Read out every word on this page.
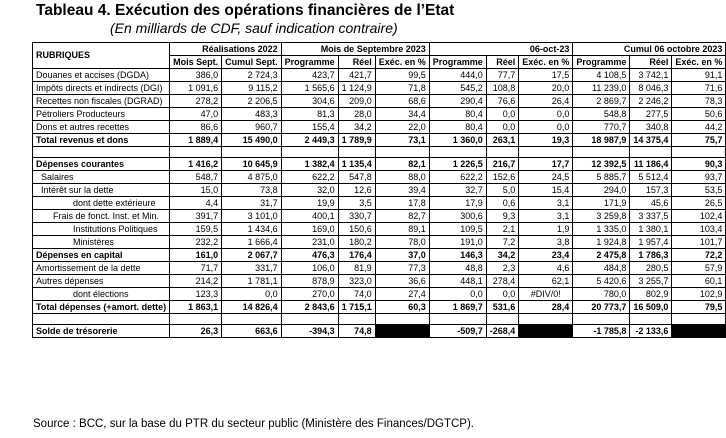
Tableau 4. Exécution des opérations financières de l’Etat
(En milliards de CDF, sauf indication contraire)
RUBRIQUES	Réalisations 2022		Mois de Septembre 2023			06-oct-23			Cumul 06 octobre 2023		
	Mois Sept.	Cumul Sept.	Programme	Réel	Exéc. en %	Programme	Réel	Exéc. en %	Programme	Réel	Exéc. en %
Douanes et accises (DGDA)	386,0	2 724,3	423,7	421,7	99,5	444,0	77,7	17,5	4 108,5	3 742,1	91,1
Impôts directs et indirects (DGI)	1 091,6	9 115,2	1 565,6	1 124,9	71,8	545,2	108,8	20,0	11 239,0	8 046,3	71,6
Recettes non fiscales (DGRAD)	278,2	2 206,5	304,6	209,0	68,6	290,4	76,6	26,4	2 869,7	2 246,2	78,3
Pétroliers Producteurs	47,0	483,3	81,3	28,0	34,4	80,4	0,0	0,0	548,8	277,5	50,6
Dons et autres recettes	86,6	960,7	155,4	34,2	22,0	80,4	0,0	0,0	770,7	340,8	44,2
Total revenus et dons	1 889,4	15 490,0	2 449,3	1 789,9	73,1	1 360,0	263,1	19,3	18 987,9	14 375,4	75,7

Dépenses courantes	1 416,2	10 645,9	1 382,4	1 135,4	82,1	1 226,5	216,7	17,7	12 392,5	11 186,4	90,3
Salaires	548,7	4 875,0	622,2	547,8	88,0	622,2	152,6	24,5	5 885,7	5 512,4	93,7
Intérêt sur la dette	15,0	73,8	32,0	12,6	39,4	32,7	5,0	15,4	294,0	157,3	53,5
dont dette extérieure	4,4	31,7	19,9	3,5	17,8	17,9	0,6	3,1	171,9	45,6	26,5
Frais de fonct. Inst. et Min.	391,7	3 101,0	400,1	330,7	82,7	300,6	9,3	3,1	3 259,8	3 337,5	102,4
Institutions Politiques	159,5	1 434,6	169,0	150,6	89,1	109,5	2,1	1,9	1 335,0	1 380,1	103,4
Ministères	232,2	1 666,4	231,0	180,2	78,0	191,0	7,2	3,8	1 924,8	1 957,4	101,7
Dépenses en capital	161,0	2 067,7	476,3	176,4	37,0	146,3	34,2	23,4	2 475,8	1 786,3	72,2
Amortissement de la dette	71,7	331,7	106,0	81,9	77,3	48,8	2,3	4,6	484,8	280,5	57,9
Autres dépenses	214,2	1 781,1	878,9	323,0	36,6	448,1	278,4	62,1	5 420,6	3 255,7	60,1
dont élections	123,3	0,0	270,0	74,0	27,4	0,0	0,0	#DIV/0!	780,0	802,9	102,9
Total dépenses (+amort. dette)	1 863,1	14 826,4	2 843,6	1 715,1	60,3	1 869,7	531,6	28,4	20 773,7	16 509,0	79,5

Solde de trésorerie	26,3	663,6	-394,3	74,8		-509,7	-268,4		-1 785,8	-2 133,6	
Source : BCC, sur la base du PTR du secteur public (Ministère des Finances/DGTCP).
